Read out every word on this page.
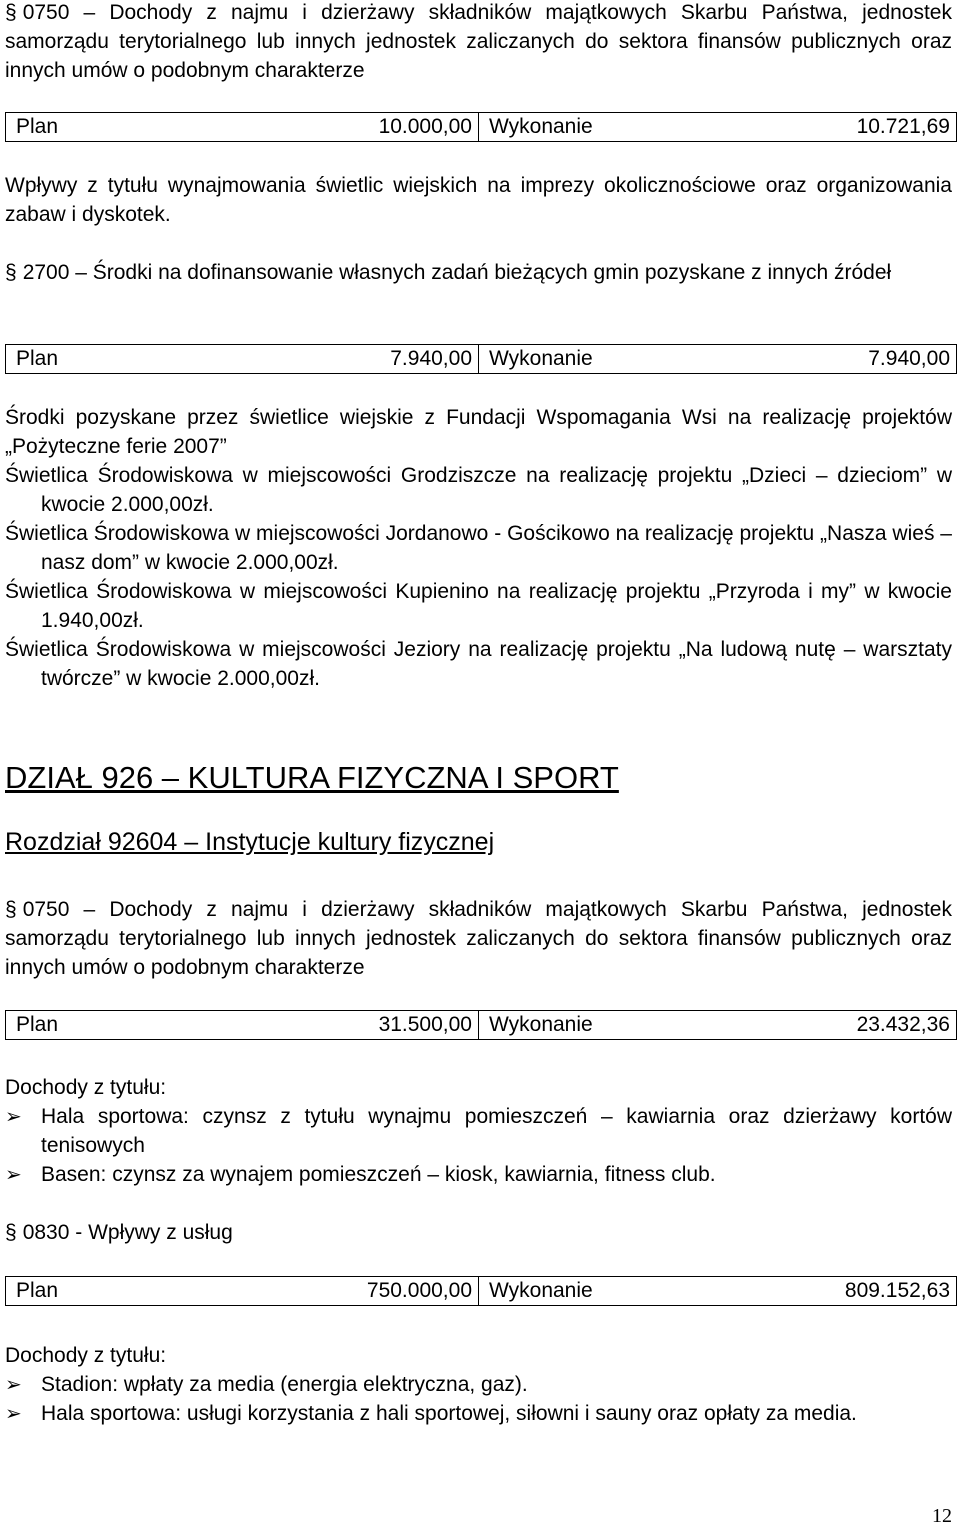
§ 0750 – Dochody z najmu i dzierżawy składników majątkowych Skarbu Państwa, jednostek samorządu terytorialnego lub innych jednostek zaliczanych do sektora finansów publicznych oraz innych umów o podobnym charakterze
Plan	10.000,00	Wykonanie	10.721,69
Wpływy z tytułu wynajmowania świetlic wiejskich na imprezy okolicznościowe oraz organizowania zabaw i dyskotek.
§ 2700 – Środki na dofinansowanie własnych zadań bieżących gmin pozyskane z innych źródeł
Plan	7.940,00	Wykonanie	7.940,00
Środki pozyskane przez świetlice wiejskie z Fundacji Wspomagania Wsi na realizację projektów „Pożyteczne ferie 2007”
Świetlica Środowiskowa w miejscowości Grodziszcze na realizację projektu „Dzieci – dzieciom” w kwocie 2.000,00zł.
Świetlica Środowiskowa w miejscowości Jordanowo - Gościkowo na realizację projektu „Nasza wieś – nasz dom” w kwocie 2.000,00zł.
Świetlica Środowiskowa w miejscowości Kupienino na realizację projektu „Przyroda i my” w kwocie 1.940,00zł.
Świetlica Środowiskowa w miejscowości Jeziory na realizację projektu „Na ludową nutę – warsztaty twórcze” w kwocie 2.000,00zł.
DZIAŁ 926 – KULTURA FIZYCZNA I SPORT
Rozdział 92604 – Instytucje kultury fizycznej
§ 0750 – Dochody z najmu i dzierżawy składników majątkowych Skarbu Państwa, jednostek samorządu terytorialnego lub innych jednostek zaliczanych do sektora finansów publicznych oraz innych umów o podobnym charakterze
Plan	31.500,00	Wykonanie	23.432,36
Dochody z tytułu:
➢ Hala sportowa: czynsz z tytułu wynajmu pomieszczeń – kawiarnia oraz dzierżawy kortów tenisowych
➢ Basen: czynsz za wynajem pomieszczeń – kiosk, kawiarnia, fitness club.
§ 0830 - Wpływy z usług
Plan	750.000,00	Wykonanie	809.152,63
Dochody z tytułu:
➢ Stadion: wpłaty za media (energia elektryczna, gaz).
➢ Hala sportowa: usługi korzystania z hali sportowej, siłowni i sauny oraz opłaty za media.
12
